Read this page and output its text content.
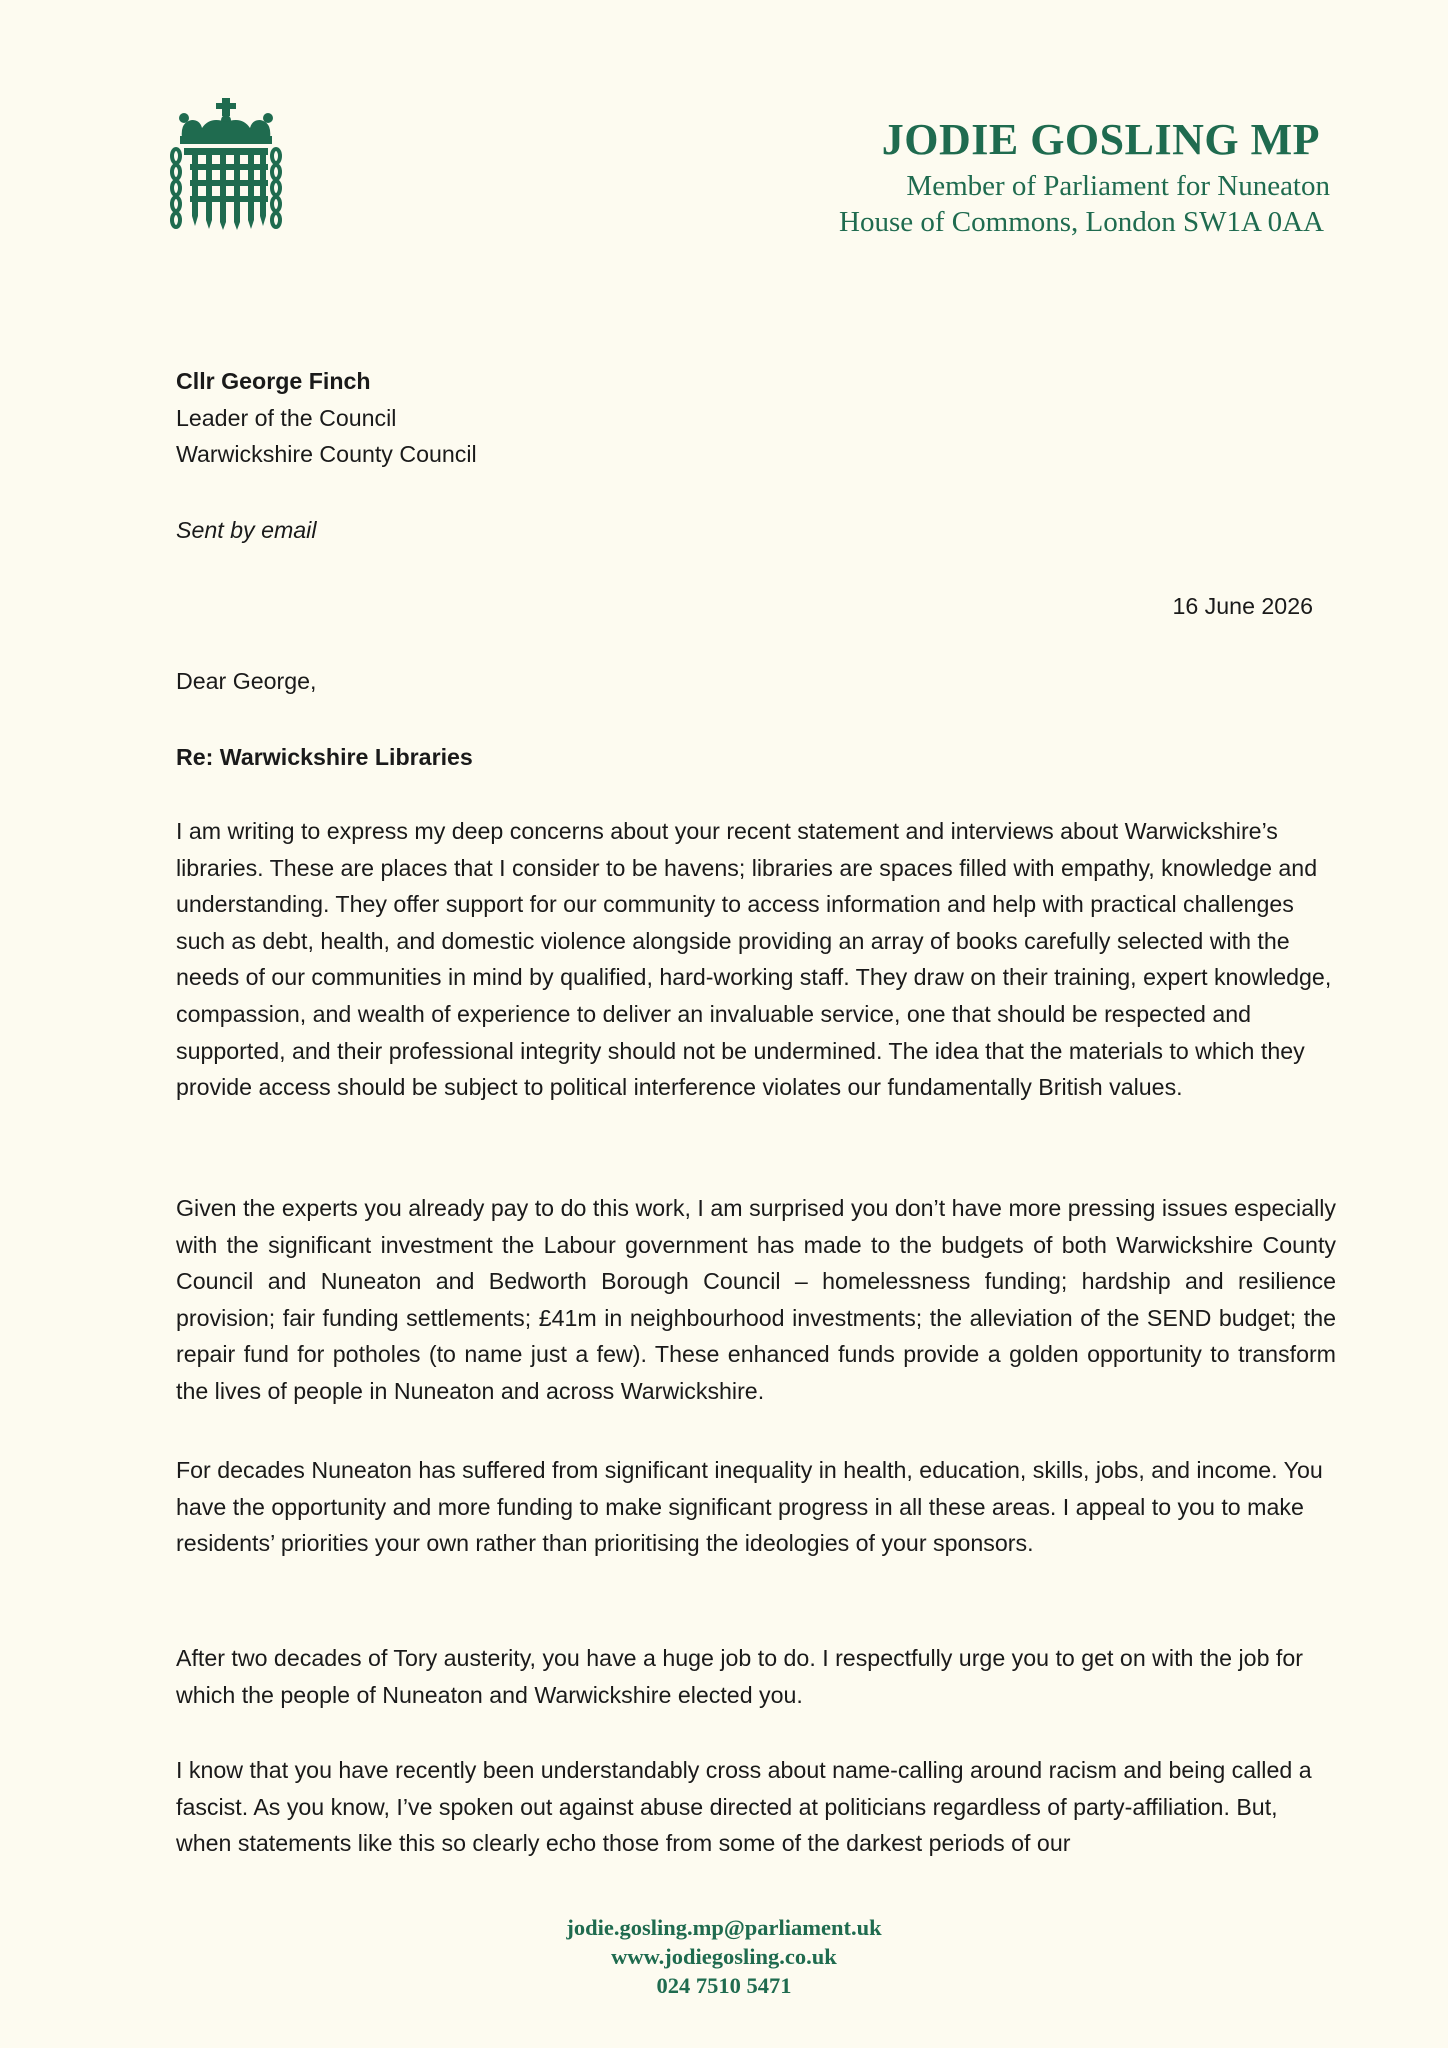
JODIE GOSLING MP
Member of Parliament for Nuneaton
House of Commons, London SW1A 0AA
Cllr George Finch
Leader of the Council
Warwickshire County Council
Sent by email
16 June 2026
Dear George,
Re: Warwickshire Libraries

I am writing to express my deep concerns about your recent statement and interviews about Warwickshire’s libraries. These are places that I consider to be havens; libraries are spaces filled with empathy, knowledge and understanding. They offer support for our community to access information and help with practical challenges such as debt, health, and domestic violence alongside providing an array of books carefully selected with the needs of our communities in mind by qualified, hard-working staff. They draw on their training, expert knowledge, compassion, and wealth of experience to deliver an invaluable service, one that should be respected and supported, and their professional integrity should not be undermined. The idea that the materials to which they provide access should be subject to political interference violates our fundamentally British values.

Given the experts you already pay to do this work, I am surprised you don’t have more pressing issues especially with the significant investment the Labour government has made to the budgets of both Warwickshire County Council and Nuneaton and Bedworth Borough Council – homelessness funding; hardship and resilience provision; fair funding settlements; £41m in neighbourhood investments; the alleviation of the SEND budget; the repair fund for potholes (to name just a few). These enhanced funds provide a golden opportunity to transform the lives of people in Nuneaton and across Warwickshire.

For decades Nuneaton has suffered from significant inequality in health, education, skills, jobs, and income. You have the opportunity and more funding to make significant progress in all these areas. I appeal to you to make residents’ priorities your own rather than prioritising the ideologies of your sponsors.

After two decades of Tory austerity, you have a huge job to do. I respectfully urge you to get on with the job for which the people of Nuneaton and Warwickshire elected you.

I know that you have recently been understandably cross about name-calling around racism and being called a fascist. As you know, I’ve spoken out against abuse directed at politicians regardless of party-affiliation. But, when statements like this so clearly echo those from some of the darkest periods of our

jodie.gosling.mp@parliament.uk
www.jodiegosling.co.uk
024 7510 5471
